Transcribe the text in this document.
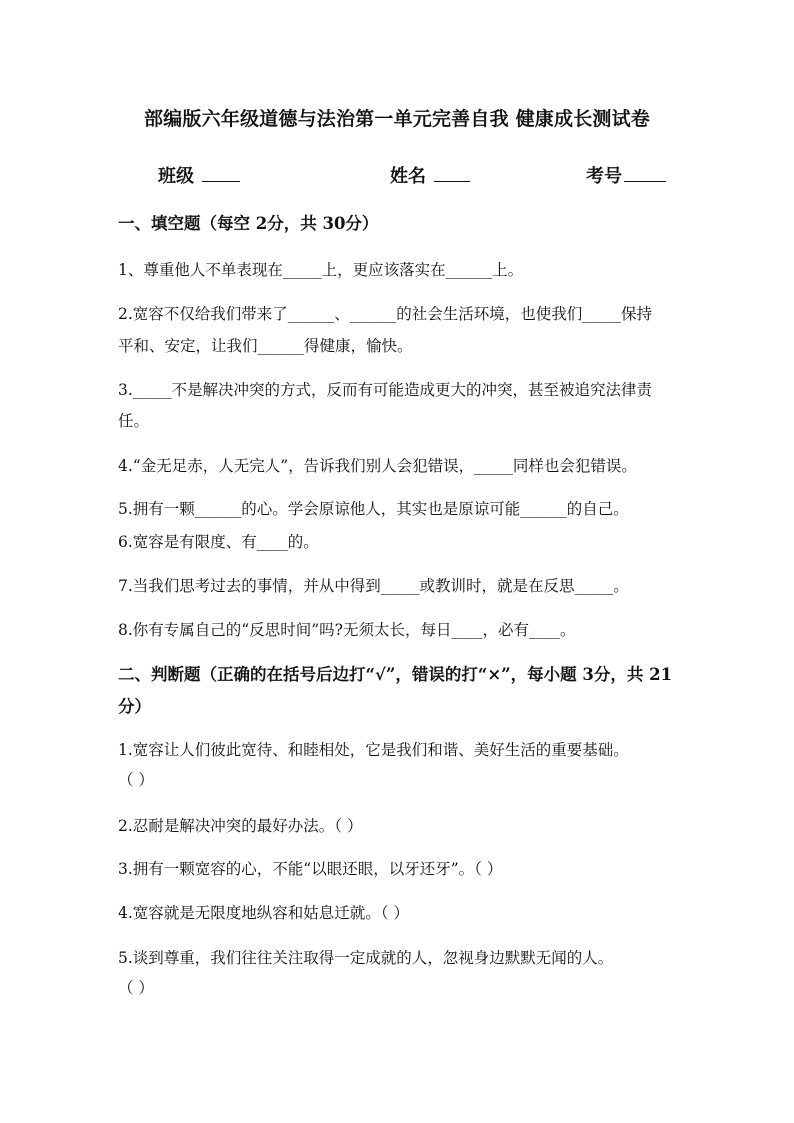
部编版六年级道德与法治第一单元完善自我 健康成长测试卷
班级	姓名	考号
一、填空题（每空 2分，共 30分）
1、尊重他人不单表现在_____上，更应该落实在______上。
2.宽容不仅给我们带来了______、______的社会生活环境，也使我们_____保持
平和、安定，让我们______得健康，愉快。
3._____不是解决冲突的方式，反而有可能造成更大的冲突，甚至被追究法律责
任。
4.“金无足赤，人无完人”，告诉我们别人会犯错误，_____同样也会犯错误。
5.拥有一颗______的心。学会原谅他人，其实也是原谅可能______的自己。
6.宽容是有限度、有____的。
7.当我们思考过去的事情，并从中得到_____或教训时，就是在反思_____。
8.你有专属自己的“反思时间”吗?无须太长，每日____，必有____。
二、判断题（正确的在括号后边打“√”，错误的打“×”，每小题 3分，共 21
分）
1.宽容让人们彼此宽待、和睦相处，它是我们和谐、美好生活的重要基础。
（ ）
2.忍耐是解决冲突的最好办法。（ ）
3.拥有一颗宽容的心，不能“以眼还眼，以牙还牙”。（ ）
4.宽容就是无限度地纵容和姑息迁就。（ ）
5.谈到尊重，我们往往关注取得一定成就的人，忽视身边默默无闻的人。
（ ）
